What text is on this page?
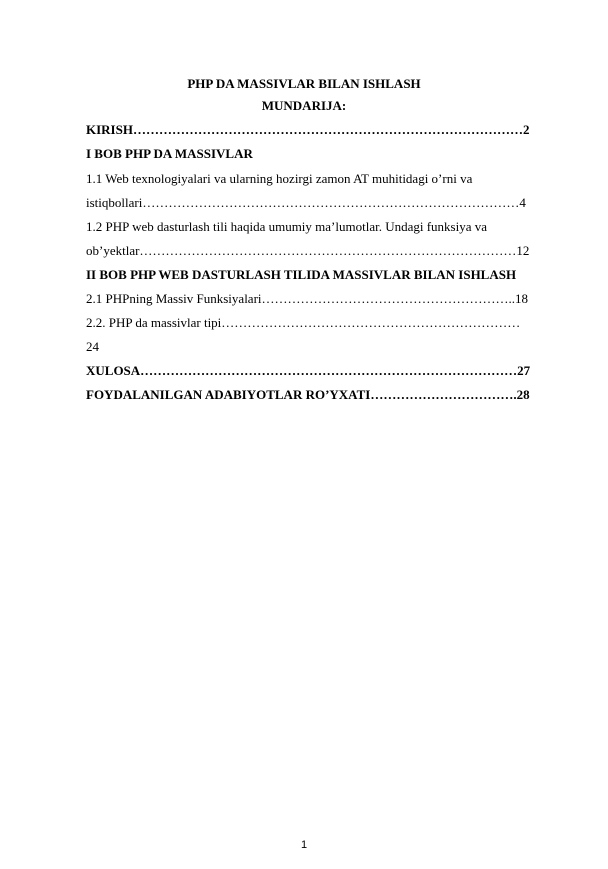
PHP DA MASSIVLAR BILAN ISHLASH
MUNDARIJA:
KIRISH………………………………………………………………………………2
I BOB PHP DA MASSIVLAR
1.1 Web texnologiyalari va ularning hozirgi zamon AT muhitidagi o’rni va
istiqbollari……………………………………………………………………………4
1.2 PHP web dasturlash tili haqida umumiy ma’lumotlar. Undagi funksiya va
ob’yektlar……………………………………………………………………………12
II BOB PHP WEB DASTURLASH TILIDA MASSIVLAR BILAN ISHLASH
2.1 PHPning Massiv Funksiyalari…………………………………………………..18
2.2. PHP da massivlar tipi……………………………………………………………
24
XULOSA……………………………………………………………………………27
FOYDALANILGAN ADABIYOTLAR RO’YXATI…………………………….28
1
